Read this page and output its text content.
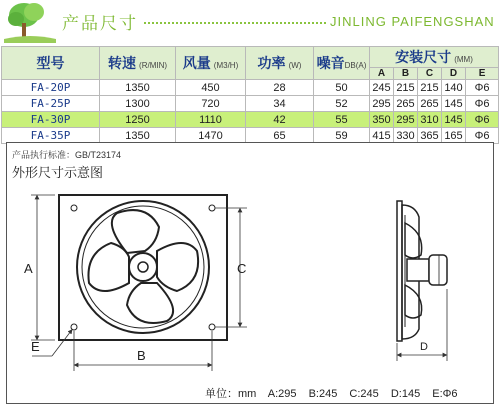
产品尺寸	JINLING PAIFENGSHAN
型号	转速 (R/MIN)	风量 (M3/H)	功率 (W)	噪音DB(A)	安装尺寸 (MM)				
					A	B	C	D	E
FA-20P	1350	450	28	50	245	215	215	140	Φ6
FA-25P	1300	720	34	52	295	265	265	145	Φ6
FA-30P	1250	1110	42	55	350	295	310	145	Φ6
FA-35P	1350	1470	65	59	415	330	365	165	Φ6
产品执行标准：GB/T23174
外形尺寸示意图
A	C
B
E	D
单位：mm A:295 B:245 C:245 D:145 E:Φ6
